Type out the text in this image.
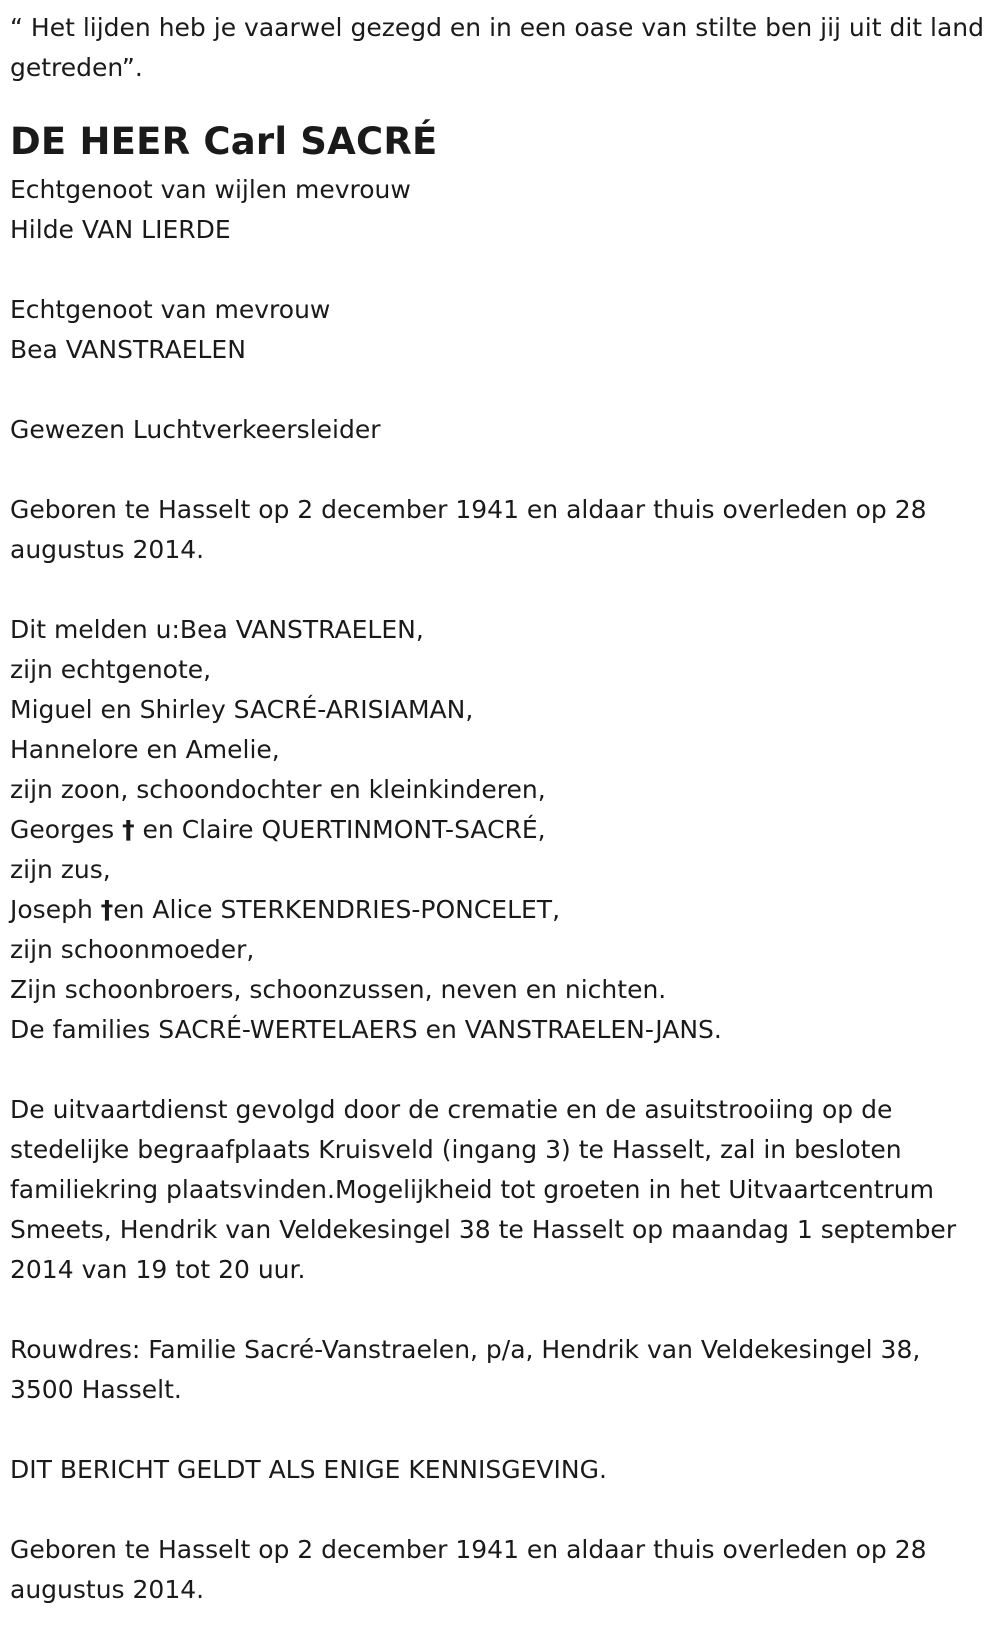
“ Het lijden heb je vaarwel gezegd en in een oase van stilte ben jij uit dit land getreden”.

DE HEER Carl SACRÉ
Echtgenoot van wijlen mevrouw
Hilde VAN LIERDE
Echtgenoot van mevrouw
Bea VANSTRAELEN
Gewezen Luchtverkeersleider

Geboren te Hasselt op 2 december 1941 en aldaar thuis overleden op 28 augustus 2014.

Dit melden u:Bea VANSTRAELEN,
zijn echtgenote,
Miguel en Shirley SACRÉ-ARISIAMAN,
Hannelore en Amelie,
zijn zoon, schoondochter en kleinkinderen,
Georges † en Claire QUERTINMONT-SACRÉ,
zijn zus,
Joseph †en Alice STERKENDRIES-PONCELET,
zijn schoonmoeder,
Zijn schoonbroers, schoonzussen, neven en nichten.
De families SACRÉ-WERTELAERS en VANSTRAELEN-JANS.

De uitvaartdienst gevolgd door de crematie en de asuitstrooiing op de stedelijke begraafplaats Kruisveld (ingang 3) te Hasselt, zal in besloten familiekring plaatsvinden.Mogelijkheid tot groeten in het Uitvaartcentrum Smeets, Hendrik van Veldekesingel 38 te Hasselt op maandag 1 september 2014 van 19 tot 20 uur.

Rouwdres: Familie Sacré-Vanstraelen, p/a, Hendrik van Veldekesingel 38, 3500 Hasselt.

DIT BERICHT GELDT ALS ENIGE KENNISGEVING.

Geboren te Hasselt op 2 december 1941 en aldaar thuis overleden op 28 augustus 2014.
